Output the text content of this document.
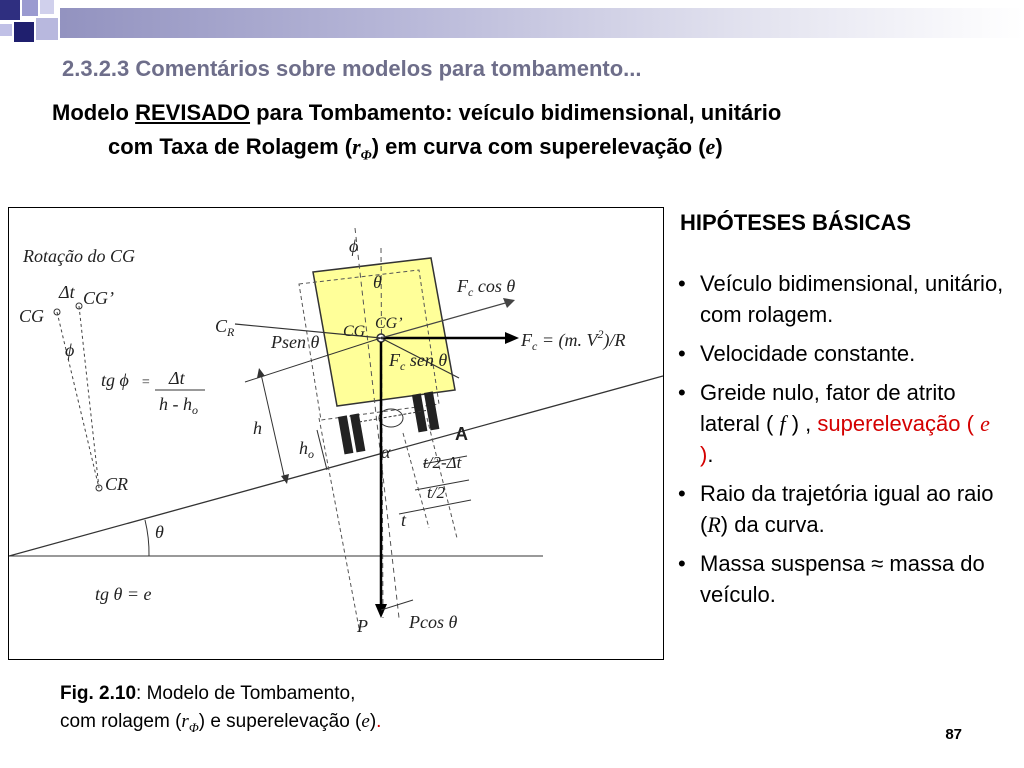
2.3.2.3 Comentários sobre modelos para tombamento...
Modelo REVISADO para Tombamento: veículo bidimensional, unitário
com Taxa de Rolagem $(r_\Phi)$ em curva com superelevação (e)
Rotação do CG
Δt CG’
CG
ϕ
tg ϕ = Δt
h - $h_o$
CR
θ
tg θ = e
ϕ
θ	$F_c$ cos θ
$F_c = (m$. $V^2)/R$
$C_R$ Psen θ
CG CG’
$F_c$ sen θ
h
$h_o$	α
A
t/2-Δt
t/2
t
P Pcos θ
Fig. 2.10: Modelo de Tombamento,
com rolagem $(r_\Phi)$ e superelevação (e).
HIPÓTESES BÁSICAS
• Veículo bidimensional, unitário, com rolagem.
• Velocidade constante.
• Greide nulo, fator de atrito lateral ( f ) , superelevação ( e ).
• Raio da trajetória igual ao raio (R) da curva.
• Massa suspensa ≈ massa do veículo.
87
